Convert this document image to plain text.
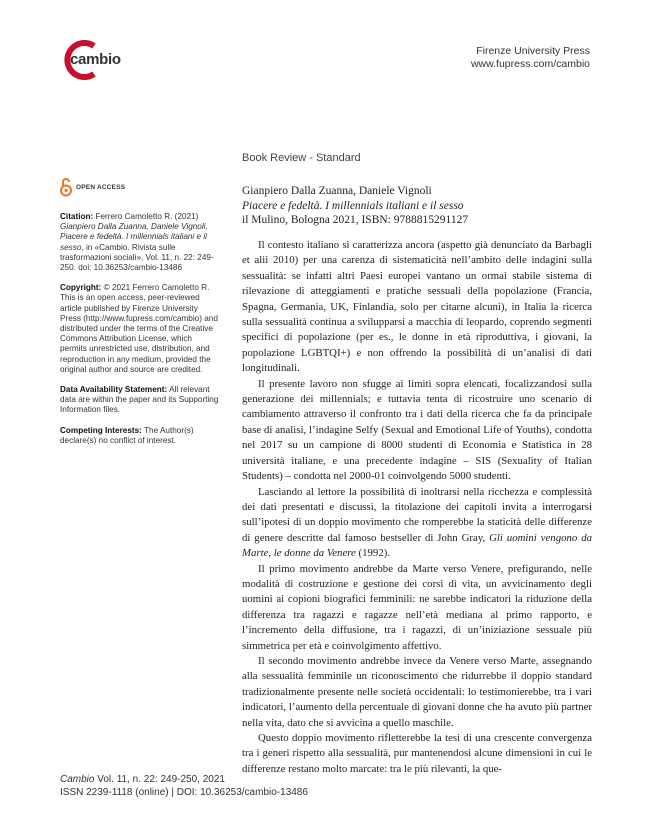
cambio	Firenze University Press
www.fupress.com/cambio
Book Review - Standard
Gianpiero Dalla Zuanna, Daniele Vignoli
Piacere e fedeltà. I millennials italiani e il sesso
il Mulino, Bologna 2021, ISBN: 9788815291127
OPEN ACCESS
Citation: Ferrero Camoletto R. (2021) Gianpiero Dalla Zuanna, Daniele Vignoli, Piacere e fedeltà. I millennials italiani e il sesso, in «Cambio. Rivista sulle trasformazioni sociali», Vol. 11, n. 22: 249-250. doi: 10.36253/cambio-13486
Copyright: © 2021 Ferrero Camoletto R. This is an open access, peer-reviewed article published by Firenze University Press (http://www.fupress.com/cambio) and distributed under the terms of the Creative Commons Attribution License, which permits unrestricted use, distribution, and reproduction in any medium, provided the original author and source are credited.
Data Availability Statement: All relevant data are within the paper and its Supporting Information files.
Competing Interests: The Author(s) declare(s) no conflict of interest.

Il contesto italiano si caratterizza ancora (aspetto già denunciato da Barbagli et alii 2010) per una carenza di sistematicità nell’ambito delle indagini sulla sessualità: se infatti altri Paesi europei vantano un ormai stabile sistema di rilevazione di atteggiamenti e pratiche sessuali della popolazione (Francia, Spagna, Germania, UK, Finlandia, solo per citarne alcuni), in Italia la ricerca sulla sessualità continua a svilupparsi a macchia di leopardo, coprendo segmenti specifici di popolazione (per es., le donne in età riproduttiva, i giovani, la popolazione LGBTQI+) e non offrendo la possibilità di un’analisi di dati longitudinali.

Il presente lavoro non sfugge ai limiti sopra elencati, focalizzandosi sulla generazione dei millennials; e tuttavia tenta di ricostruire uno scenario di cambiamento attraverso il confronto tra i dati della ricerca che fa da principale base di analisi, l’indagine Selfy (Sexual and Emotional Life of Youths), condotta nel 2017 su un campione di 8000 studenti di Economia e Statistica in 28 università italiane, e una precedente indagine – SIS (Sexuality of Italian Students) – condotta nel 2000-01 coinvolgendo 5000 studenti.

Lasciando al lettore la possibilità di inoltrarsi nella ricchezza e complessità dei dati presentati e discussi, la titolazione dei capitoli invita a interrogarsi sull’ipotesi di un doppio movimento che romperebbe la staticità delle differenze di genere descritte dal famoso bestseller di John Gray, Gli uomini vengono da Marte, le donne da Venere (1992).

Il primo movimento andrebbe da Marte verso Venere, prefigurando, nelle modalità di costruzione e gestione dei corsi di vita, un avvicinamento degli uomini ai copioni biografici femminili: ne sarebbe indicatori la riduzione della differenza tra ragazzi e ragazze nell’età mediana al primo rapporto, e l’incremento della diffusione, tra i ragazzi, di un’iniziazione sessuale più simmetrica per età e coinvolgimento affettivo.

Il secondo movimento andrebbe invece da Venere verso Marte, assegnando alla sessualità femminile un riconoscimento che ridurrebbe il doppio standard tradizionalmente presente nelle società occidentali: lo testimonierebbe, tra i vari indicatori, l’aumento della percentuale di giovani donne che ha avuto più partner nella vita, dato che si avvicina a quello maschile.

Questo doppio movimento rifletterebbe la tesi di una crescente convergenza tra i generi rispetto alla sessualità, pur mantenendosi alcune dimensioni in cui le differenze restano molto marcate: tra le più rilevanti, la que-

Cambio Vol. 11, n. 22: 249-250, 2021
ISSN 2239-1118 (online) | DOI: 10.36253/cambio-13486
